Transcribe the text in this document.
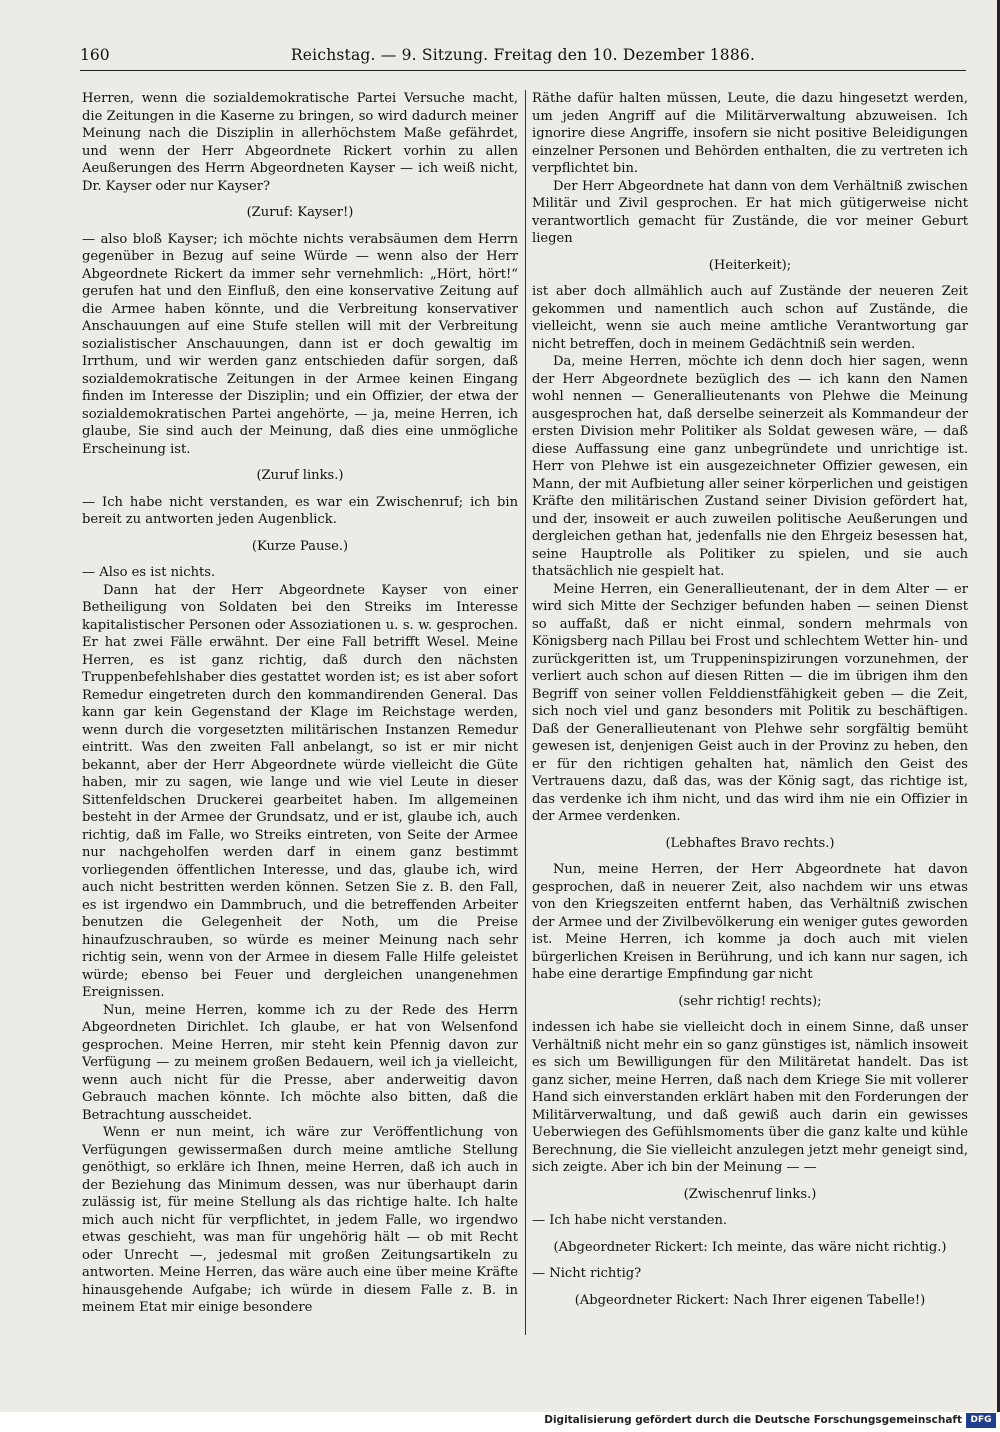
160	Reichstag. — 9. Sitzung. Freitag den 10. Dezember 1886.

Herren, wenn die sozialdemokratische Partei Versuche macht, die Zeitungen in die Kaserne zu bringen, so wird dadurch meiner Meinung nach die Disziplin in allerhöchstem Maße gefährdet, und wenn der Herr Abgeordnete Rickert vorhin zu allen Aeußerungen des Herrn Abgeordneten Kayser — ich weiß nicht, Dr. Kayser oder nur Kayser?

(Zuruf: Kayser!)

— also bloß Kayser; ich möchte nichts verabsäumen dem Herrn gegenüber in Bezug auf seine Würde — wenn also der Herr Abgeordnete Rickert da immer sehr vernehmlich: „Hört, hört!“ gerufen hat und den Einfluß, den eine konservative Zeitung auf die Armee haben könnte, und die Verbreitung konservativer Anschauungen auf eine Stufe stellen will mit der Verbreitung sozialistischer Anschauungen, dann ist er doch gewaltig im Irrthum, und wir werden ganz entschieden dafür sorgen, daß sozialdemokratische Zeitungen in der Armee keinen Eingang finden im Interesse der Disziplin; und ein Offizier, der etwa der sozialdemokratischen Partei angehörte, — ja, meine Herren, ich glaube, Sie sind auch der Meinung, daß dies eine unmögliche Erscheinung ist.

(Zuruf links.)

— Ich habe nicht verstanden, es war ein Zwischenruf; ich bin bereit zu antworten jeden Augenblick.

(Kurze Pause.)

— Also es ist nichts.

Dann hat der Herr Abgeordnete Kayser von einer Betheiligung von Soldaten bei den Streiks im Interesse kapitalistischer Personen oder Assoziationen u. s. w. gesprochen. Er hat zwei Fälle erwähnt. Der eine Fall betrifft Wesel. Meine Herren, es ist ganz richtig, daß durch den nächsten Truppenbefehlshaber dies gestattet worden ist; es ist aber sofort Remedur eingetreten durch den kommandirenden General. Das kann gar kein Gegenstand der Klage im Reichstage werden, wenn durch die vorgesetzten militärischen Instanzen Remedur eintritt. Was den zweiten Fall anbelangt, so ist er mir nicht bekannt, aber der Herr Abgeordnete würde vielleicht die Güte haben, mir zu sagen, wie lange und wie viel Leute in dieser Sittenfeldschen Druckerei gearbeitet haben. Im allgemeinen besteht in der Armee der Grundsatz, und er ist, glaube ich, auch richtig, daß im Falle, wo Streiks eintreten, von Seite der Armee nur nachgeholfen werden darf in einem ganz bestimmt vorliegenden öffentlichen Interesse, und das, glaube ich, wird auch nicht bestritten werden können. Setzen Sie z. B. den Fall, es ist irgendwo ein Dammbruch, und die betreffenden Arbeiter benutzen die Gelegenheit der Noth, um die Preise hinaufzuschrauben, so würde es meiner Meinung nach sehr richtig sein, wenn von der Armee in diesem Falle Hilfe geleistet würde; ebenso bei Feuer und dergleichen unangenehmen Ereignissen.

Nun, meine Herren, komme ich zu der Rede des Herrn Abgeordneten Dirichlet. Ich glaube, er hat von Welsenfond gesprochen. Meine Herren, mir steht kein Pfennig davon zur Verfügung — zu meinem großen Bedauern, weil ich ja vielleicht, wenn auch nicht für die Presse, aber anderweitig davon Gebrauch machen könnte. Ich möchte also bitten, daß die Betrachtung ausscheidet.

Wenn er nun meint, ich wäre zur Veröffentlichung von Verfügungen gewissermaßen durch meine amtliche Stellung genöthigt, so erkläre ich Ihnen, meine Herren, daß ich auch in der Beziehung das Minimum dessen, was nur überhaupt darin zulässig ist, für meine Stellung als das richtige halte. Ich halte mich auch nicht für verpflichtet, in jedem Falle, wo irgendwo etwas geschieht, was man für ungehörig hält — ob mit Recht oder Unrecht —, jedesmal mit großen Zeitungsartikeln zu antworten. Meine Herren, das wäre auch eine über meine Kräfte hinausgehende Aufgabe; ich würde in diesem Falle z. B. in meinem Etat mir einige besondere

Räthe dafür halten müssen, Leute, die dazu hingesetzt werden, um jeden Angriff auf die Militärverwaltung abzuweisen. Ich ignorire diese Angriffe, insofern sie nicht positive Beleidigungen einzelner Personen und Behörden enthalten, die zu vertreten ich verpflichtet bin.

Der Herr Abgeordnete hat dann von dem Verhältniß zwischen Militär und Zivil gesprochen. Er hat mich gütigerweise nicht verantwortlich gemacht für Zustände, die vor meiner Geburt liegen

(Heiterkeit);

ist aber doch allmählich auch auf Zustände der neueren Zeit gekommen und namentlich auch schon auf Zustände, die vielleicht, wenn sie auch meine amtliche Verantwortung gar nicht betreffen, doch in meinem Gedächtniß sein werden.

Da, meine Herren, möchte ich denn doch hier sagen, wenn der Herr Abgeordnete bezüglich des — ich kann den Namen wohl nennen — Generallieutenants von Plehwe die Meinung ausgesprochen hat, daß derselbe seinerzeit als Kommandeur der ersten Division mehr Politiker als Soldat gewesen wäre, — daß diese Auffassung eine ganz unbegründete und unrichtige ist. Herr von Plehwe ist ein ausgezeichneter Offizier gewesen, ein Mann, der mit Aufbietung aller seiner körperlichen und geistigen Kräfte den militärischen Zustand seiner Division gefördert hat, und der, insoweit er auch zuweilen politische Aeußerungen und dergleichen gethan hat, jedenfalls nie den Ehrgeiz besessen hat, seine Hauptrolle als Politiker zu spielen, und sie auch thatsächlich nie gespielt hat.

Meine Herren, ein Generallieutenant, der in dem Alter — er wird sich Mitte der Sechziger befunden haben — seinen Dienst so auffaßt, daß er nicht einmal, sondern mehrmals von Königsberg nach Pillau bei Frost und schlechtem Wetter hin- und zurückgeritten ist, um Truppeninspizirungen vorzunehmen, der verliert auch schon auf diesen Ritten — die im übrigen ihm den Begriff von seiner vollen Felddienstfähigkeit geben — die Zeit, sich noch viel und ganz besonders mit Politik zu beschäftigen. Daß der Generallieutenant von Plehwe sehr sorgfältig bemüht gewesen ist, denjenigen Geist auch in der Provinz zu heben, den er für den richtigen gehalten hat, nämlich den Geist des Vertrauens dazu, daß das, was der König sagt, das richtige ist, das verdenke ich ihm nicht, und das wird ihm nie ein Offizier in der Armee verdenken.

(Lebhaftes Bravo rechts.)

Nun, meine Herren, der Herr Abgeordnete hat davon gesprochen, daß in neuerer Zeit, also nachdem wir uns etwas von den Kriegszeiten entfernt haben, das Verhältniß zwischen der Armee und der Zivilbevölkerung ein weniger gutes geworden ist. Meine Herren, ich komme ja doch auch mit vielen bürgerlichen Kreisen in Berührung, und ich kann nur sagen, ich habe eine derartige Empfindung gar nicht

(sehr richtig! rechts);

indessen ich habe sie vielleicht doch in einem Sinne, daß unser Verhältniß nicht mehr ein so ganz günstiges ist, nämlich insoweit es sich um Bewilligungen für den Militäretat handelt. Das ist ganz sicher, meine Herren, daß nach dem Kriege Sie mit vollerer Hand sich einverstanden erklärt haben mit den Forderungen der Militärverwaltung, und daß gewiß auch darin ein gewisses Ueberwiegen des Gefühlsmoments über die ganz kalte und kühle Berechnung, die Sie vielleicht anzulegen jetzt mehr geneigt sind, sich zeigte. Aber ich bin der Meinung — —

(Zwischenruf links.)

— Ich habe nicht verstanden.

(Abgeordneter Rickert: Ich meinte, das wäre nicht richtig.)

— Nicht richtig?

(Abgeordneter Rickert: Nach Ihrer eigenen Tabelle!)

Digitalisierung gefördert durch die Deutsche Forschungsgemeinschaft DFG
